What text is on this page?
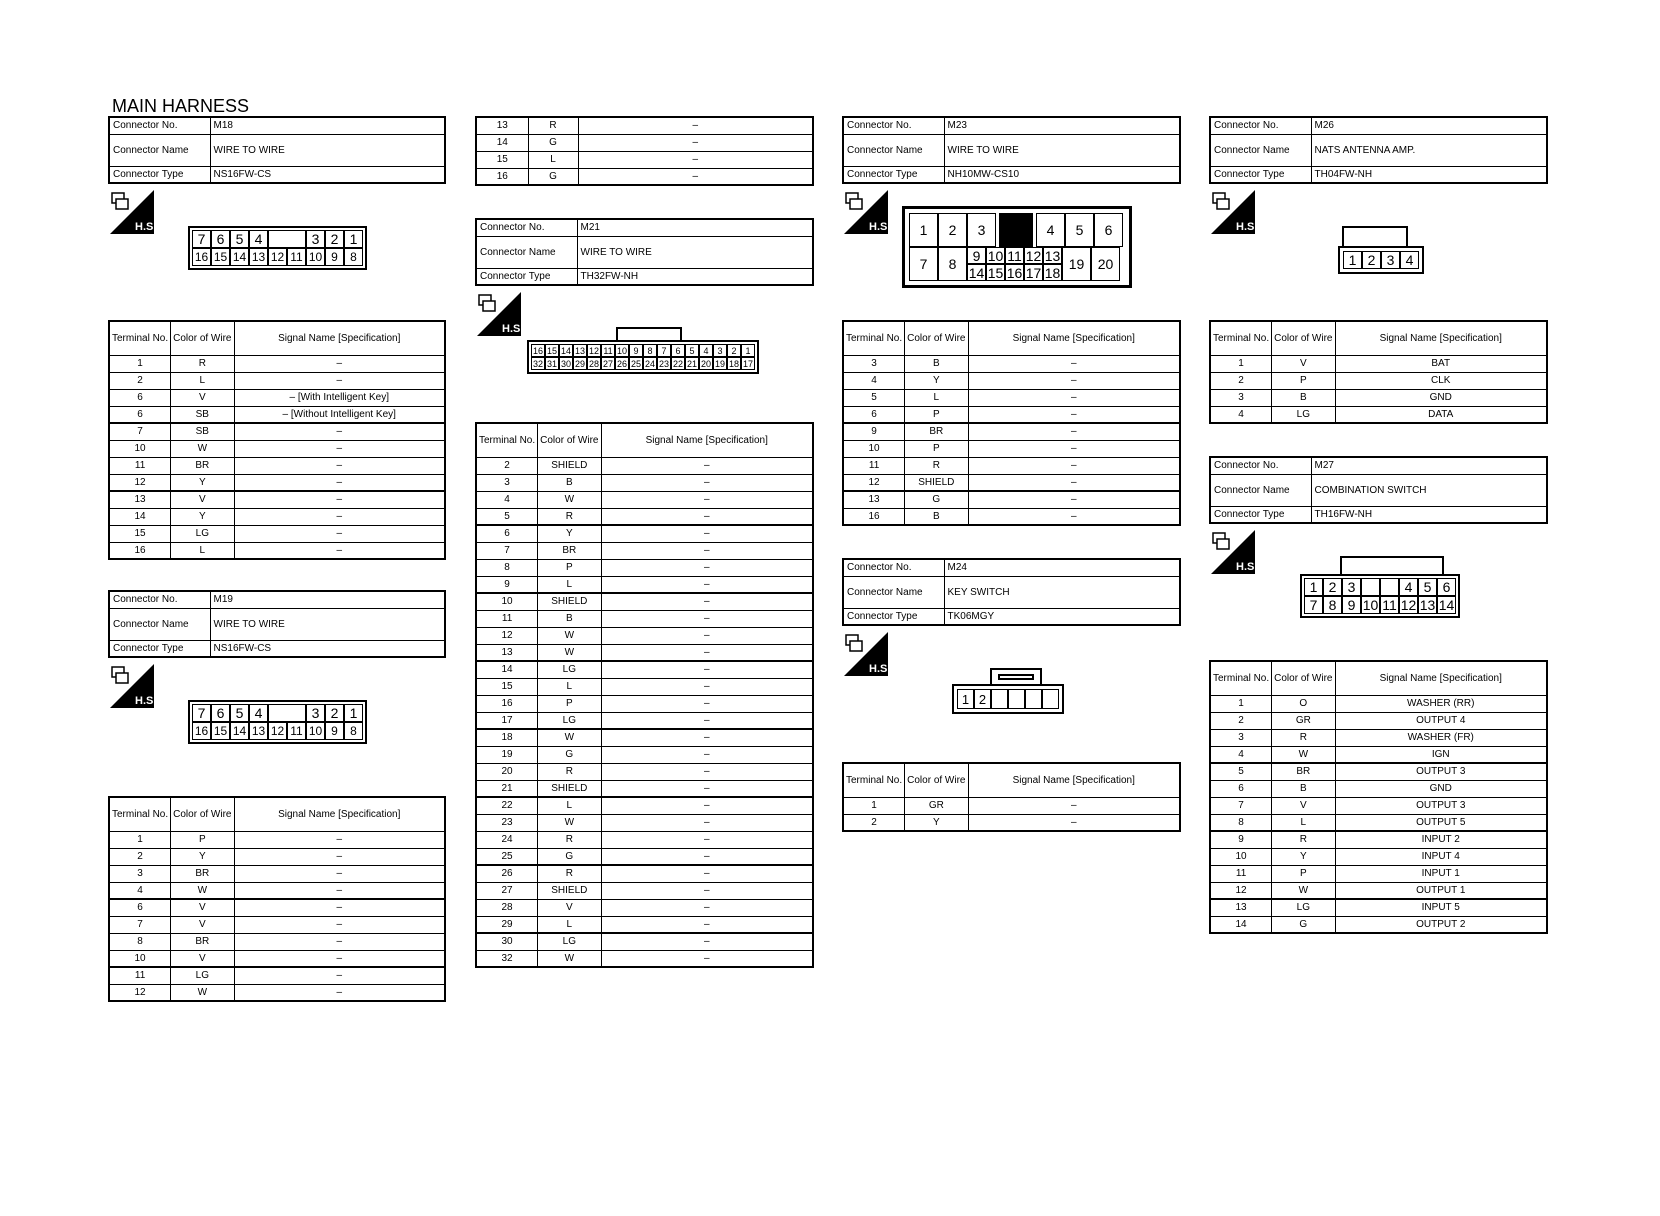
MAIN HARNESS
Connector No.	M18
Connector Name	WIRE TO WIRE
Connector Type	NS16FW-CS
H.S.
7 6 5 4	3 2 1
16 15 14 13 12 11 10 9	8
Terminal No.	Color of Wire	Signal Name [Specification]
1	R	–
2	L	–
6	V	– [With Intelligent Key]
6	SB	– [Without Intelligent Key]
7	SB	–
10	W	–
11	BR	–
12	Y	–
13	V	–
14	Y	–
15	LG	–
16	L	–
Connector No.	M19
Connector Name	WIRE TO WIRE
Connector Type	NS16FW-CS
H.S.
7 6 5 4	3 2 1
16 15 14 13 12 11 10 9	8
Terminal No.	Color of Wire	Signal Name [Specification]
1	P	–
2	Y	–
3	BR	–
4	W	–
6	V	–
7	V	–
8	BR	–
10	V	–
11	LG	–
12	W	–
13	R	–
14	G	–
15	L	–
16	G	–
Connector No.	M21
Connector Name	WIRE TO WIRE
Connector Type	TH32FW-NH
H.S.
16 15 14 13 12 11 10 9 8 7 6 5 4 3 2 1
32 31 30 29 28 27 26 25 24 23 22 21 20 19 18 17
Terminal No.	Color of Wire	Signal Name [Specification]
2	SHIELD	–
3	B	–
4	W	–
5	R	–
6	Y	–
7	BR	–
8	P	–
9	L	–
10	SHIELD	–
11	B	–
12	W	–
13	W	–
14	LG	–
15	L	–
16	P	–
17	LG	–
18	W	–
19	G	–
20	R	–
21	SHIELD	–
22	L	–
23	W	–
24	R	–
25	G	–
26	R	–
27	SHIELD	–
28	V	–
29	L	–
30	LG	–
32	W	–
Connector No.	M23
Connector Name	WIRE TO WIRE
Connector Type	NH10MW-CS10
H.S.	1	2	3	4	5	6
7	8	9 10 11 12 13
14 15 16 17 18
19 20
Terminal No.	Color of Wire	Signal Name [Specification]
3	B	–
4	Y	–
5	L	–
6	P	–
9	BR	–
10	P	–
11	R	–
12	SHIELD	–
13	G	–
16	B	–
Connector No.	M24
Connector Name	KEY SWITCH
Connector Type	TK06MGY
H.S.
1 2
Terminal No.	Color of Wire	Signal Name [Specification]
1	GR	–
2	Y	–
Connector No.	M26
Connector Name	NATS ANTENNA AMP.
Connector Type	TH04FW-NH
H.S.
1 2 3 4
Terminal No.	Color of Wire	Signal Name [Specification]
1	V	BAT
2	P	CLK
3	B	GND
4	LG	DATA
Connector No.	M27
Connector Name	COMBINATION SWITCH
Connector Type	TH16FW-NH
H.S.
1 2 3	4 5 6
7 8 9 10 11 12 13 14
Terminal No.	Color of Wire	Signal Name [Specification]
1	O	WASHER (RR)
2	GR	OUTPUT 4
3	R	WASHER (FR)
4	W	IGN
5	BR	OUTPUT 3
6	B	GND
7	V	OUTPUT 3
8	L	OUTPUT 5
9	R	INPUT 2
10	Y	INPUT 4
11	P	INPUT 1
12	W	OUTPUT 1
13	LG	INPUT 5
14	G	OUTPUT 2
